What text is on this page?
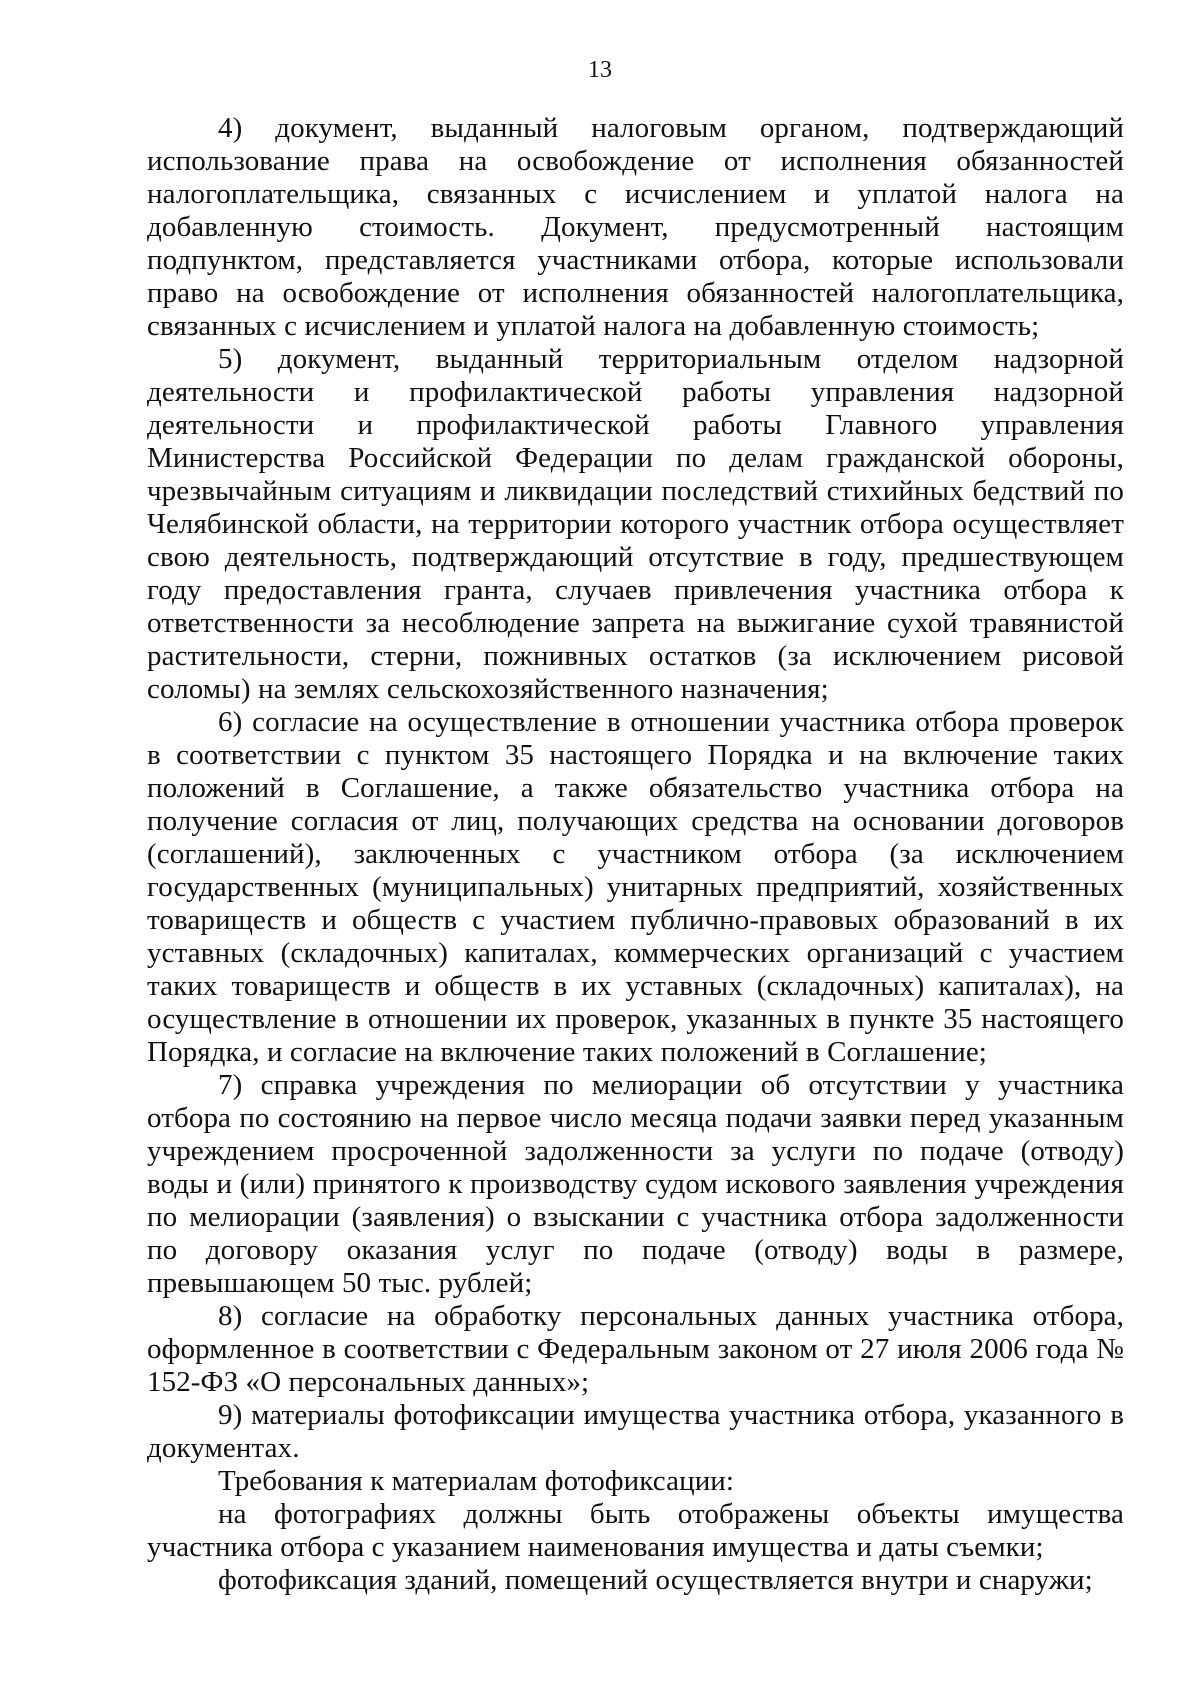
13

4) документ, выданный налоговым органом, подтверждающий использование права на освобождение от исполнения обязанностей налогоплательщика, связанных с исчислением и уплатой налога на добавленную стоимость. Документ, предусмотренный настоящим подпунктом, представляется участниками отбора, которые использовали право на освобождение от исполнения обязанностей налогоплательщика, связанных с исчислением и уплатой налога на добавленную стоимость;

5) документ, выданный территориальным отделом надзорной деятельности и профилактической работы управления надзорной деятельности и профилактической работы Главного управления Министерства Российской Федерации по делам гражданской обороны, чрезвычайным ситуациям и ликвидации последствий стихийных бедствий по Челябинской области, на территории которого участник отбора осуществляет свою деятельность, подтверждающий отсутствие в году, предшествующем году предоставления гранта, случаев привлечения участника отбора к ответственности за несоблюдение запрета на выжигание сухой травянистой растительности, стерни, пожнивных остатков (за исключением рисовой соломы) на землях сельскохозяйственного назначения;

6) согласие на осуществление в отношении участника отбора проверок в соответствии с пунктом 35 настоящего Порядка и на включение таких положений в Соглашение, а также обязательство участника отбора на получение согласия от лиц, получающих средства на основании договоров (соглашений), заключенных с участником отбора (за исключением государственных (муниципальных) унитарных предприятий, хозяйственных товариществ и обществ с участием публично-правовых образований в их уставных (складочных) капиталах, коммерческих организаций с участием таких товариществ и обществ в их уставных (складочных) капиталах), на осуществление в отношении их проверок, указанных в пункте 35 настоящего Порядка, и согласие на включение таких положений в Соглашение;

7) справка учреждения по мелиорации об отсутствии у участника отбора по состоянию на первое число месяца подачи заявки перед указанным учреждением просроченной задолженности за услуги по подаче (отводу) воды и (или) принятого к производству судом искового заявления учреждения по мелиорации (заявления) о взыскании с участника отбора задолженности по договору оказания услуг по подаче (отводу) воды в размере, превышающем 50 тыс. рублей;

8) согласие на обработку персональных данных участника отбора, оформленное в соответствии с Федеральным законом от 27 июля 2006 года № 152-ФЗ «О персональных данных»;

9) материалы фотофиксации имущества участника отбора, указанного в документах.

Требования к материалам фотофиксации:

на фотографиях должны быть отображены объекты имущества участника отбора с указанием наименования имущества и даты съемки;

фотофиксация зданий, помещений осуществляется внутри и снаружи;
